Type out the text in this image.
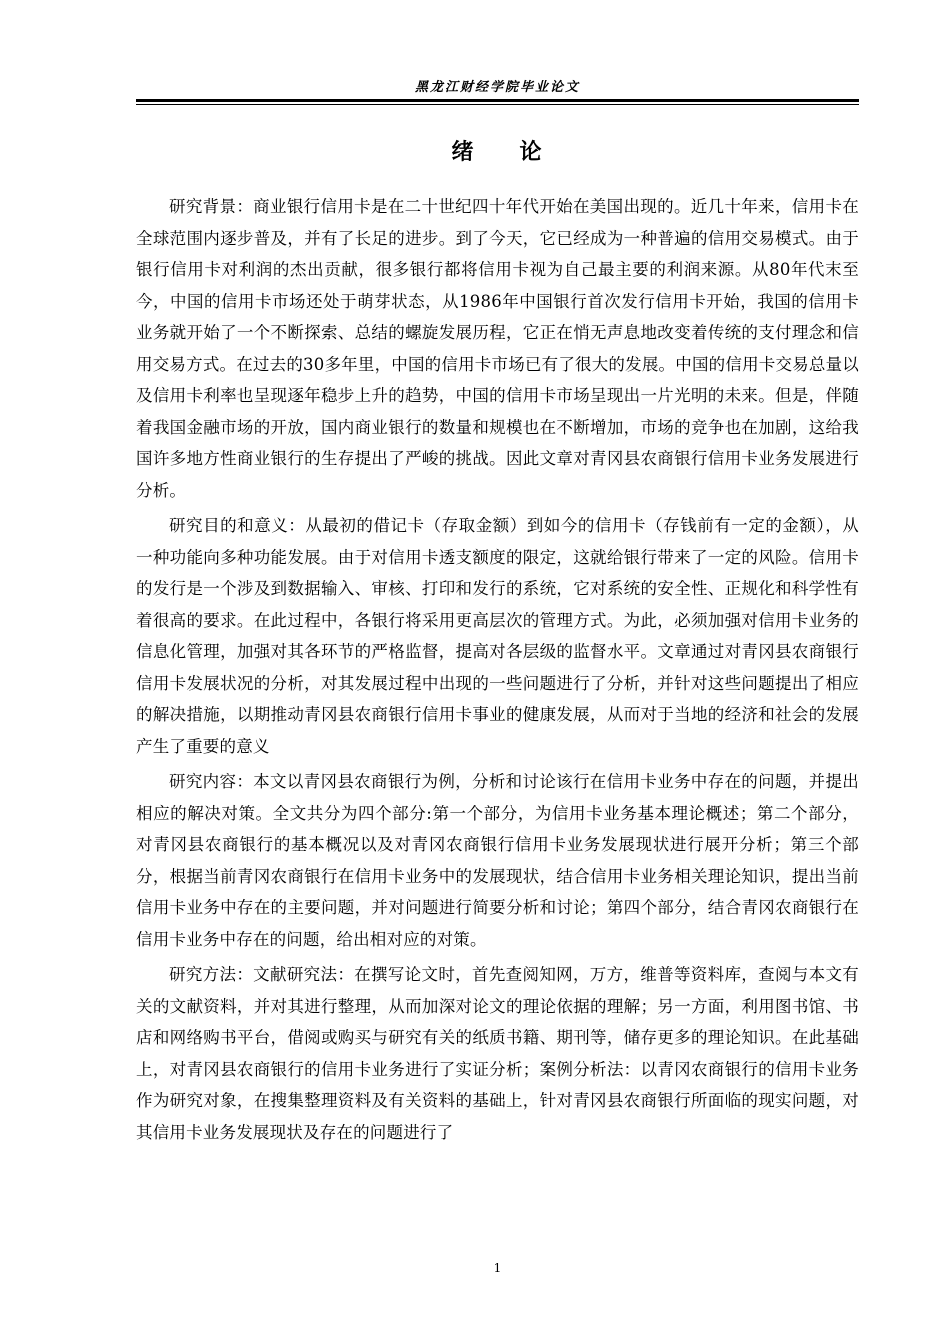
黑龙江财经学院毕业论文
绪 论

研究背景：商业银行信用卡是在二十世纪四十年代开始在美国出现的。近几十年来，信用卡在全球范围内逐步普及，并有了长足的进步。到了今天，它已经成为一种普遍的信用交易模式。由于银行信用卡对利润的杰出贡献，很多银行都将信用卡视为自己最主要的利润来源。从80年代末至今，中国的信用卡市场还处于萌芽状态，从1986年中国银行首次发行信用卡开始，我国的信用卡业务就开始了一个不断探索、总结的螺旋发展历程，它正在悄无声息地改变着传统的支付理念和信用交易方式。在过去的30多年里，中国的信用卡市场已有了很大的发展。中国的信用卡交易总量以及信用卡利率也呈现逐年稳步上升的趋势，中国的信用卡市场呈现出一片光明的未来。但是，伴随着我国金融市场的开放，国内商业银行的数量和规模也在不断增加，市场的竞争也在加剧，这给我国许多地方性商业银行的生存提出了严峻的挑战。因此文章对青冈县农商银行信用卡业务发展进行分析。

研究目的和意义：从最初的借记卡（存取金额）到如今的信用卡（存钱前有一定的金额），从一种功能向多种功能发展。由于对信用卡透支额度的限定，这就给银行带来了一定的风险。信用卡的发行是一个涉及到数据输入、审核、打印和发行的系统，它对系统的安全性、正规化和科学性有着很高的要求。在此过程中，各银行将采用更高层次的管理方式。为此，必须加强对信用卡业务的信息化管理，加强对其各环节的严格监督，提高对各层级的监督水平。文章通过对青冈县农商银行信用卡发展状况的分析，对其发展过程中出现的一些问题进行了分析，并针对这些问题提出了相应的解决措施，以期推动青冈县农商银行信用卡事业的健康发展，从而对于当地的经济和社会的发展产生了重要的意义

研究内容：本文以青冈县农商银行为例，分析和讨论该行在信用卡业务中存在的问题，并提出相应的解决对策。全文共分为四个部分:第一个部分，为信用卡业务基本理论概述；第二个部分，对青冈县农商银行的基本概况以及对青冈农商银行信用卡业务发展现状进行展开分析；第三个部分，根据当前青冈农商银行在信用卡业务中的发展现状，结合信用卡业务相关理论知识，提出当前信用卡业务中存在的主要问题，并对问题进行简要分析和讨论；第四个部分，结合青冈农商银行在信用卡业务中存在的问题，给出相对应的对策。

研究方法：文献研究法：在撰写论文时，首先查阅知网，万方，维普等资料库，查阅与本文有关的文献资料，并对其进行整理，从而加深对论文的理论依据的理解；另一方面，利用图书馆、书店和网络购书平台，借阅或购买与研究有关的纸质书籍、期刊等，储存更多的理论知识。在此基础上，对青冈县农商银行的信用卡业务进行了实证分析；案例分析法：以青冈农商银行的信用卡业务作为研究对象，在搜集整理资料及有关资料的基础上，针对青冈县农商银行所面临的现实问题，对其信用卡业务发展现状及存在的问题进行了

1
